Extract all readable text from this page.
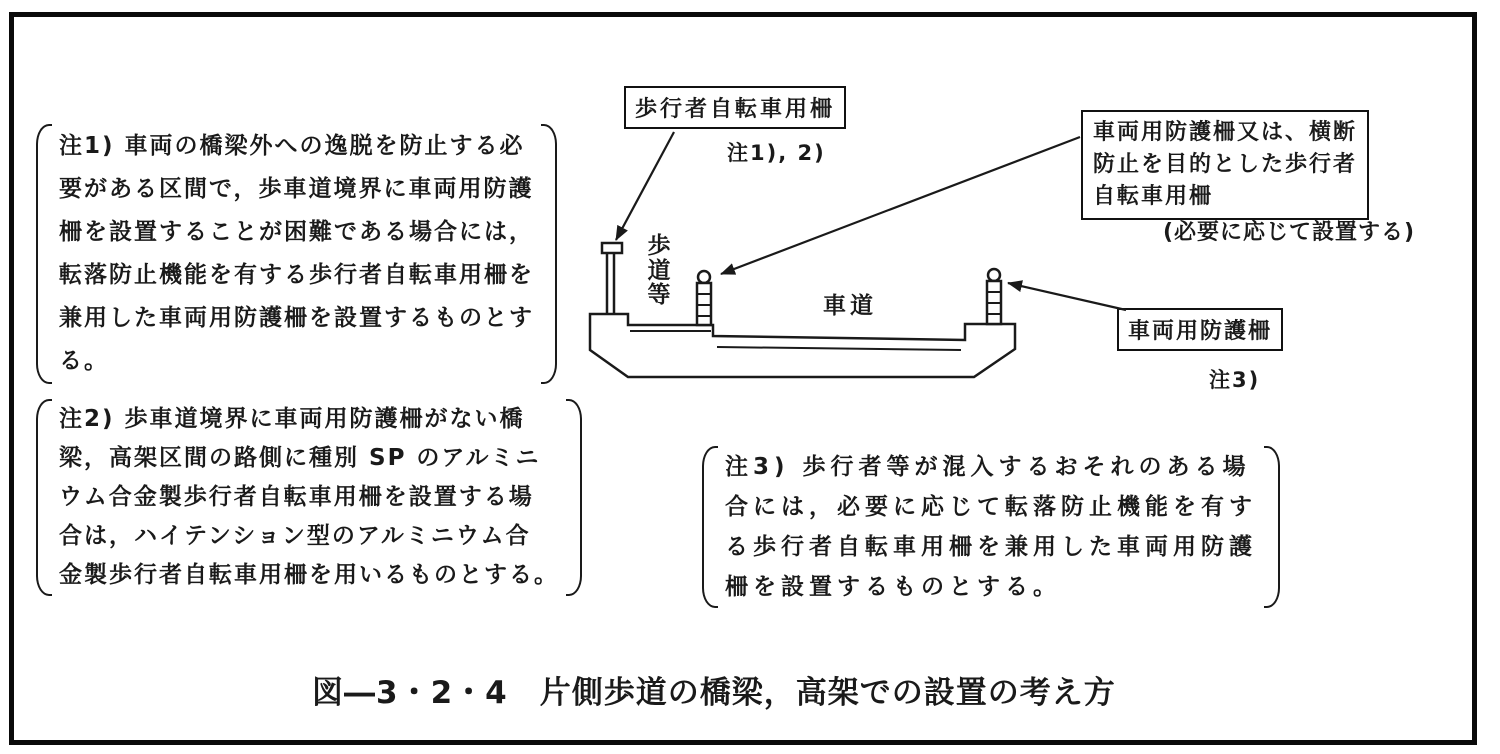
注1) 車両の橋梁外への逸脱を防止する必
要がある区間で，歩車道境界に車両用防護
柵を設置することが困難である場合には，
転落防止機能を有する歩行者自転車用柵を
兼用した車両用防護柵を設置するものとす
る。
注2) 歩車道境界に車両用防護柵がない橋
梁，高架区間の路側に種別 SP のアルミニ
ウム合金製歩行者自転車用柵を設置する場
合は，ハイテンション型のアルミニウム合
金製歩行者自転車用柵を用いるものとする。
注3) 歩行者等が混入するおそれのある場
合には，必要に応じて転落防止機能を有す
る歩行者自転車用柵を兼用した車両用防護
柵を設置するものとする。
歩行者自転車用柵
注1), 2)
車両用防護柵又は、横断
防止を目的とした歩行者
自転車用柵
(必要に応じて設置する)
車両用防護柵
注3)
歩道等	車道
図―3・2・4　片側歩道の橋梁，高架での設置の考え方
